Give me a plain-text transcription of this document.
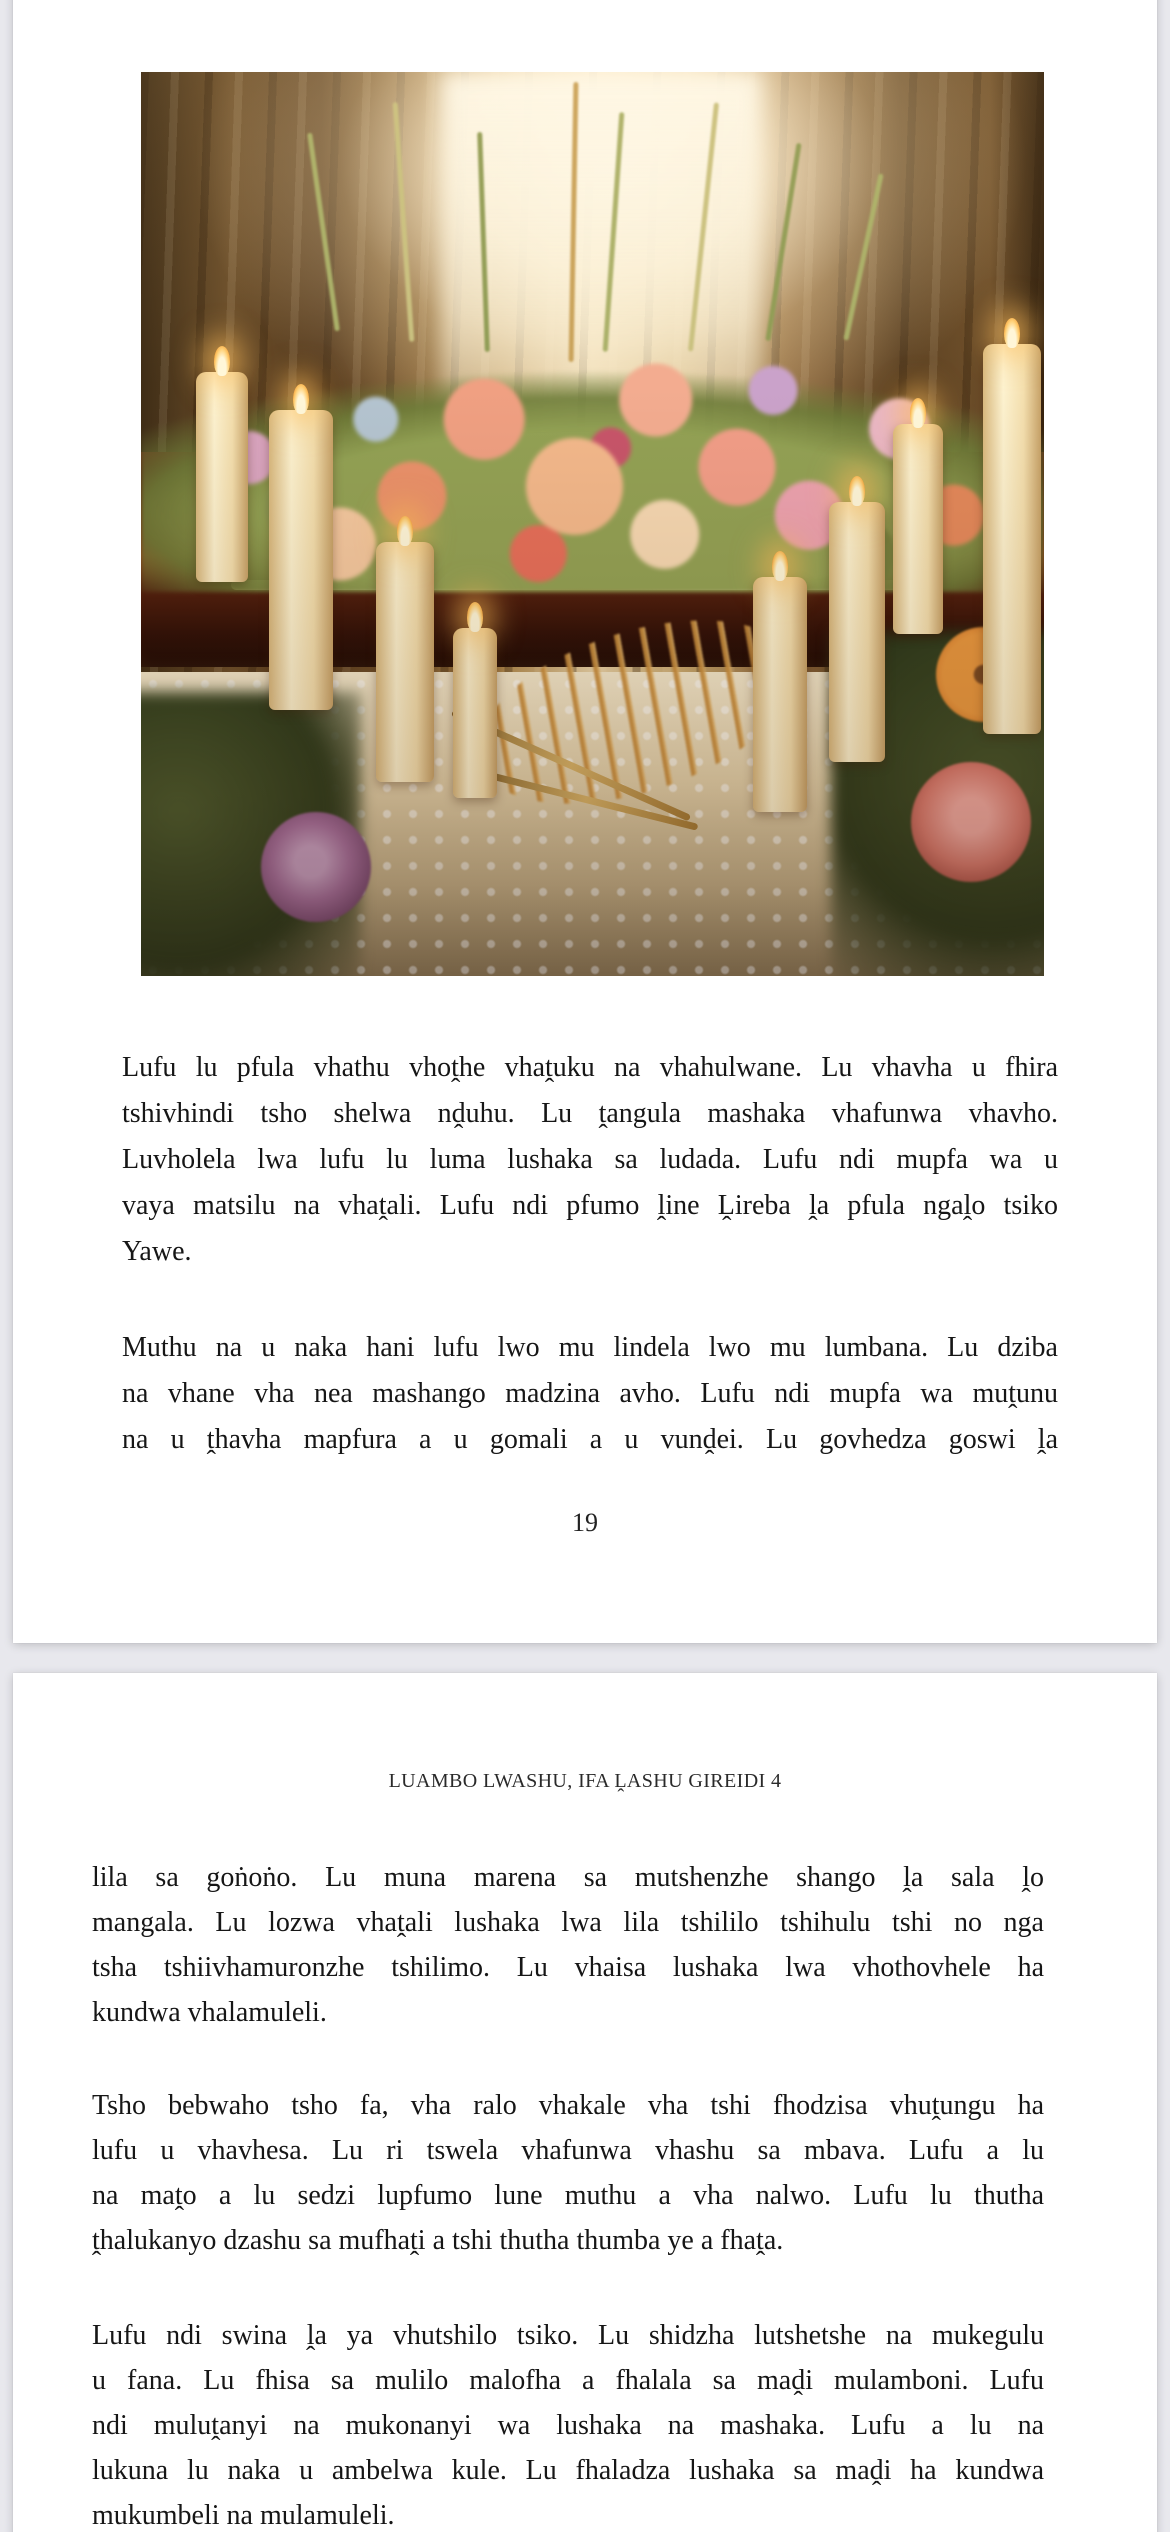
Lufu lu pfula vhathu vhoṱhe vhaṱuku na vhahulwane. Lu vhavha u fhira
tshivhindi tsho shelwa nḓuhu. Lu ṱangula mashaka vhafunwa vhavho.
Luvholela lwa lufu lu luma lushaka sa ludada. Lufu ndi mupfa wa u
vaya matsilu na vhaṱali. Lufu ndi pfumo ḽine Ḽireba ḽa pfula ngaḽo tsiko
Yawe.
Muthu na u naka hani lufu lwo mu lindela lwo mu lumbana. Lu dziba
na vhane vha nea mashango madzina avho. Lufu ndi mupfa wa muṱunu
na u ṱhavha mapfura a u gomali a u vunḓei. Lu govhedza goswi ḽa
19
LUAMBO LWASHU, IFA ḼASHU GIREIDI 4
lila sa goṅoṅo. Lu muna marena sa mutshenzhe shango ḽa sala ḽo
mangala. Lu lozwa vhaṱali lushaka lwa lila tshililo tshihulu tshi no nga
tsha tshiivhamuronzhe tshilimo. Lu vhaisa lushaka lwa vhothovhele ha
kundwa vhalamuleli.
Tsho bebwaho tsho fa, vha ralo vhakale vha tshi fhodzisa vhuṱungu ha
lufu u vhavhesa. Lu ri tswela vhafunwa vhashu sa mbava. Lufu a lu
na maṱo a lu sedzi lupfumo lune muthu a vha nalwo. Lufu lu thutha
ṱhalukanyo dzashu sa mufhaṱi a tshi thutha thumba ye a fhaṱa.
Lufu ndi swina ḽa ya vhutshilo tsiko. Lu shidzha lutshetshe na mukegulu
u fana. Lu fhisa sa mulilo malofha a fhalala sa maḓi mulamboni. Lufu
ndi muluṱanyi na mukonanyi wa lushaka na mashaka. Lufu a lu na
lukuna lu naka u ambelwa kule. Lu fhaladza lushaka sa maḓi ha kundwa
mukumbeli na mulamuleli.
